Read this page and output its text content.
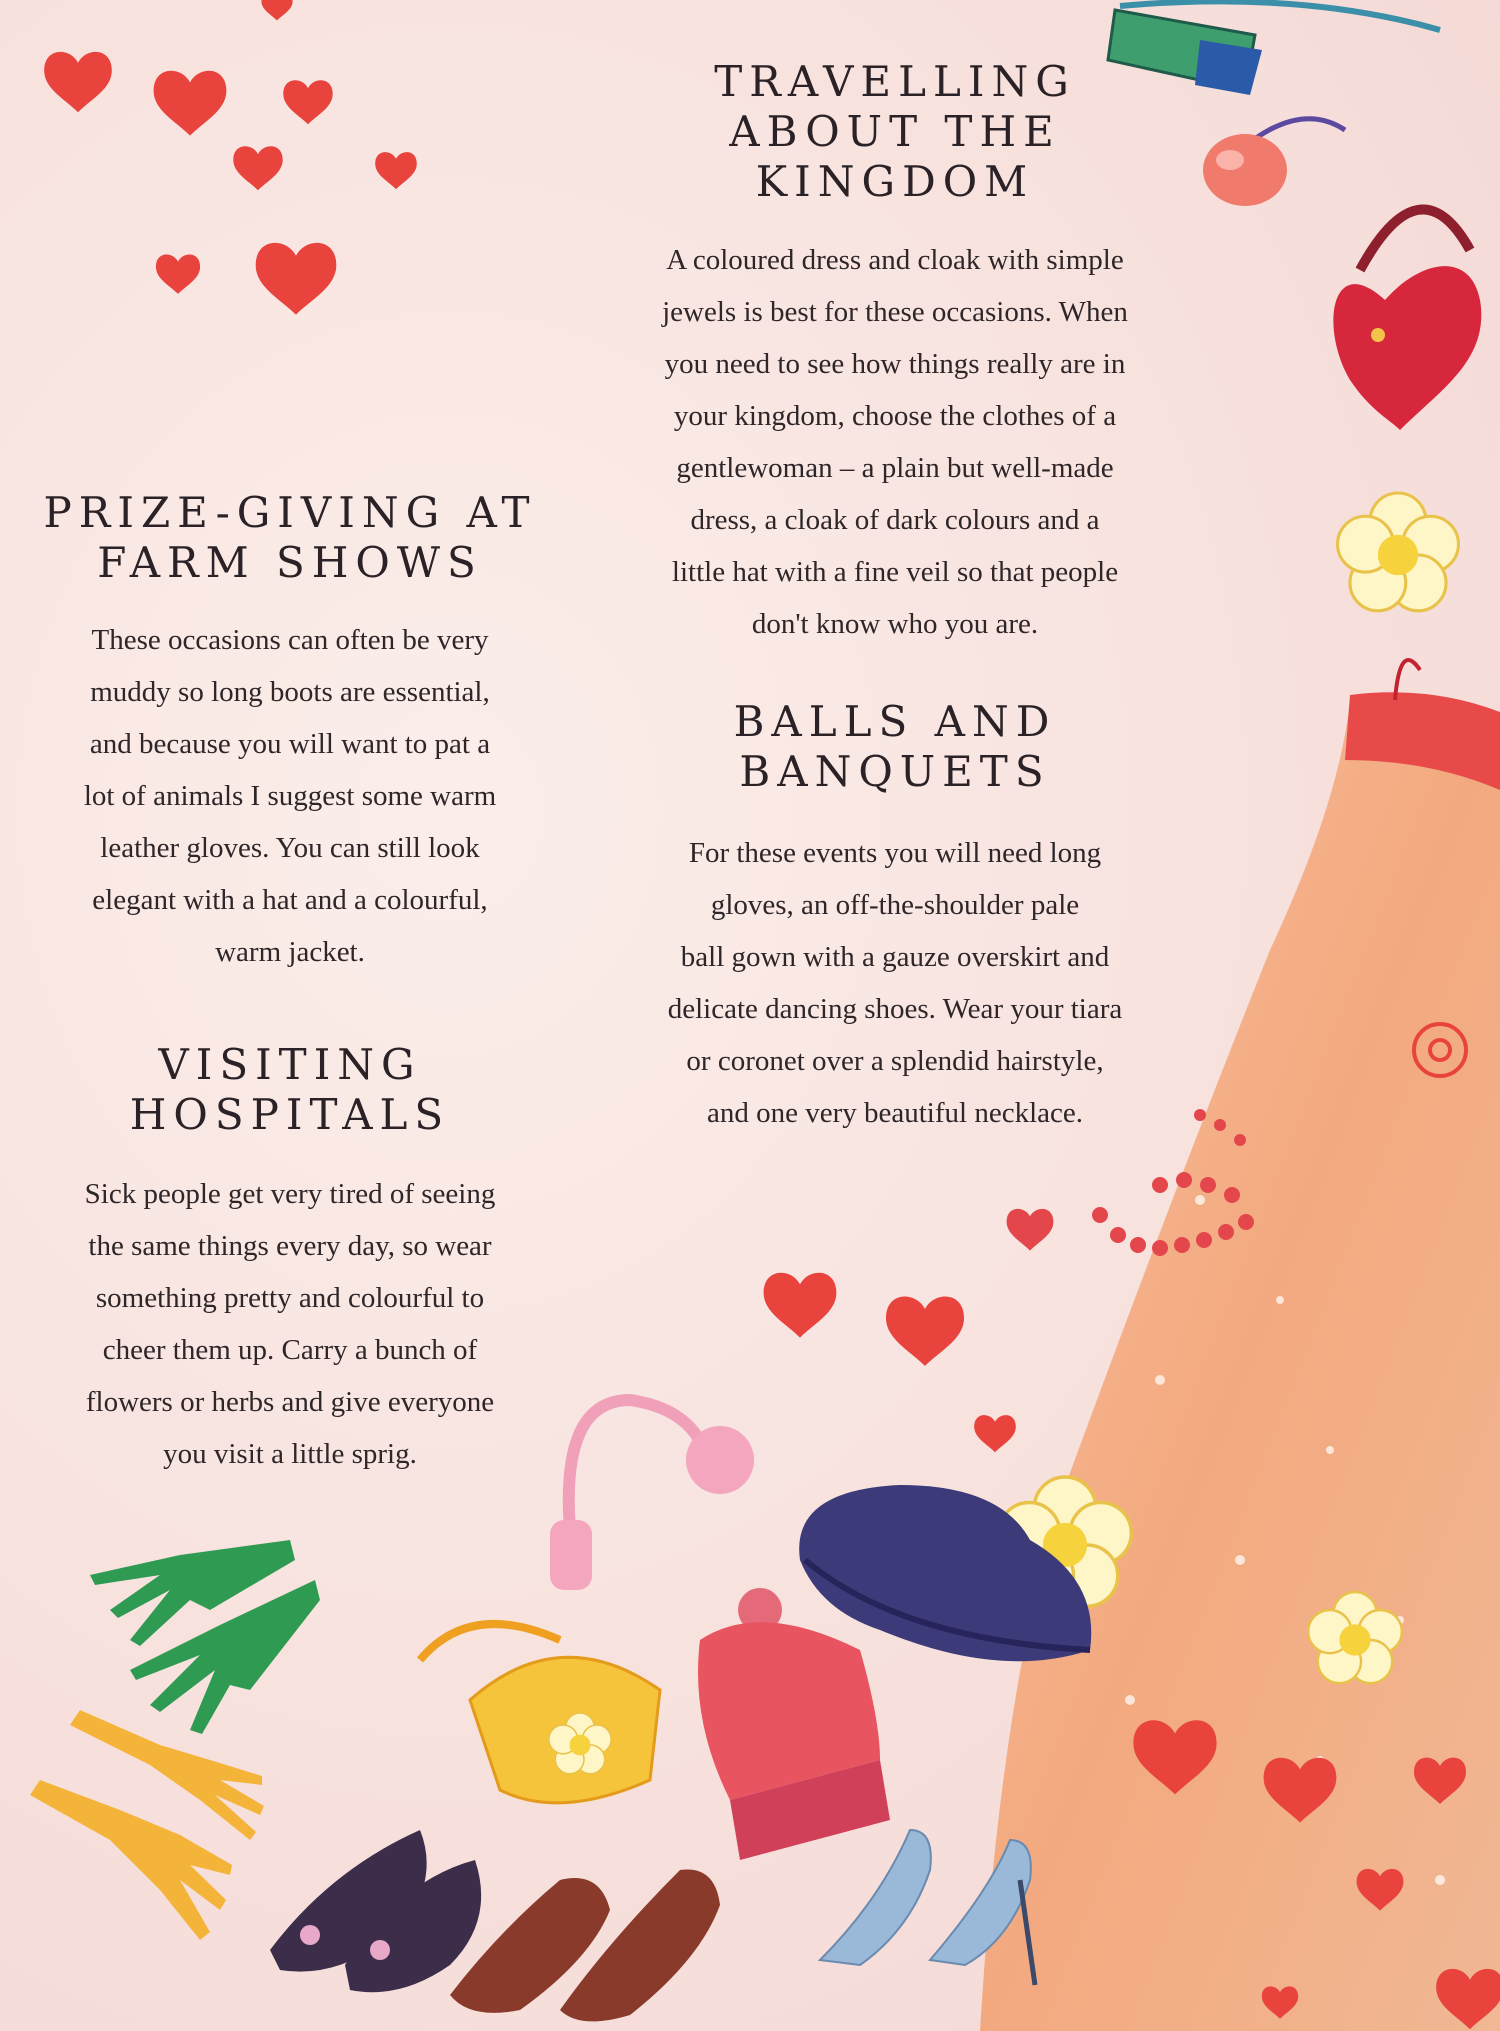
TRAVELLING
ABOUT THE
KINGDOM

A coloured dress and cloak with simple
jewels is best for these occasions. When
you need to see how things really are in
your kingdom, choose the clothes of a
gentlewoman – a plain but well-made
dress, a cloak of dark colours and a
little hat with a fine veil so that people
don't know who you are.

PRIZE-GIVING AT
FARM SHOWS

These occasions can often be very
muddy so long boots are essential,
and because you will want to pat a
lot of animals I suggest some warm
leather gloves. You can still look
elegant with a hat and a colourful,
warm jacket.

BALLS AND
BANQUETS

For these events you will need long
gloves, an off-the-shoulder pale
ball gown with a gauze overskirt and
delicate dancing shoes. Wear your tiara
or coronet over a splendid hairstyle,
and one very beautiful necklace.

VISITING
HOSPITALS

Sick people get very tired of seeing
the same things every day, so wear
something pretty and colourful to
cheer them up. Carry a bunch of
flowers or herbs and give everyone
you visit a little sprig.
